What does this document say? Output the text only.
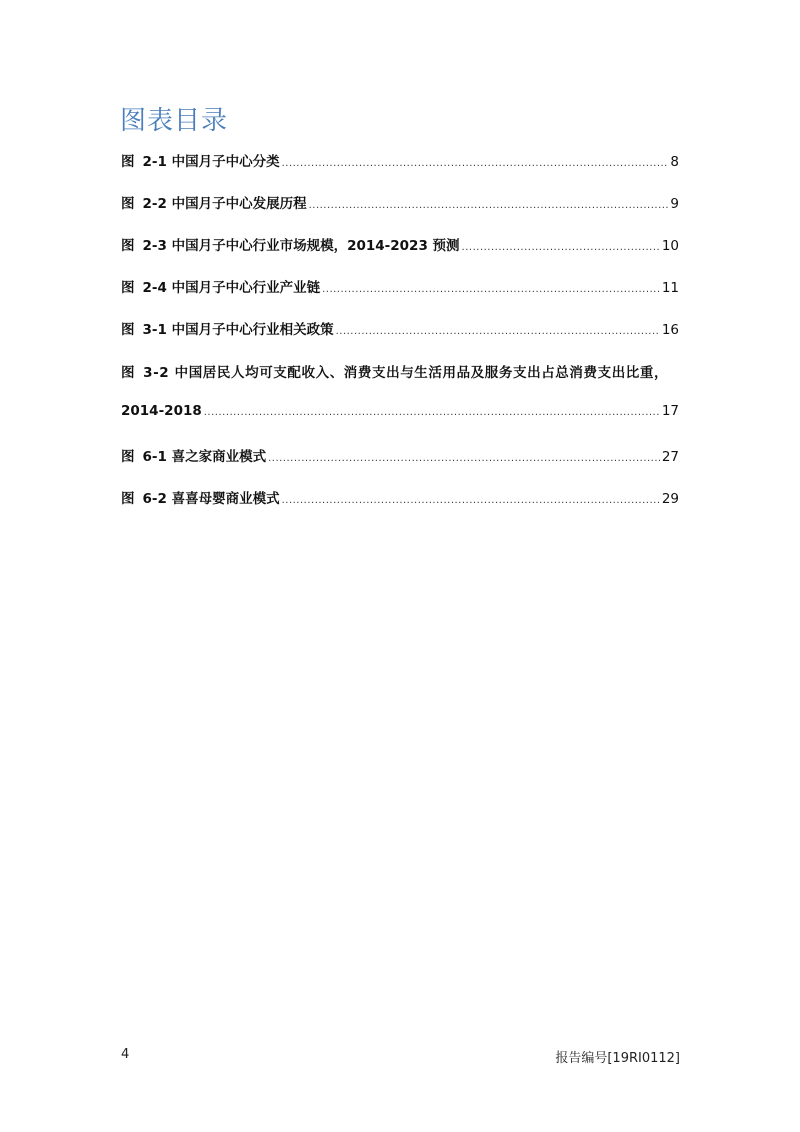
图表目录
图 2-1 中国月子中心分类 .....	8
图 2-2 中国月子中心发展历程 .....	9
图 2-3 中国月子中心行业市场规模，2014-2023 预测 .....	10
图 2-4 中国月子中心行业产业链 .....	11
图 3-1 中国月子中心行业相关政策 .....	16
图 3-2 中国居民人均可支配收入、消费支出与生活用品及服务支出占总消费支出比重，
2014-2018 .....	17
图 6-1 喜之家商业模式 .....	27
图 6-2 喜喜母婴商业模式 .....	29
4	报告编号[19RI0112]
